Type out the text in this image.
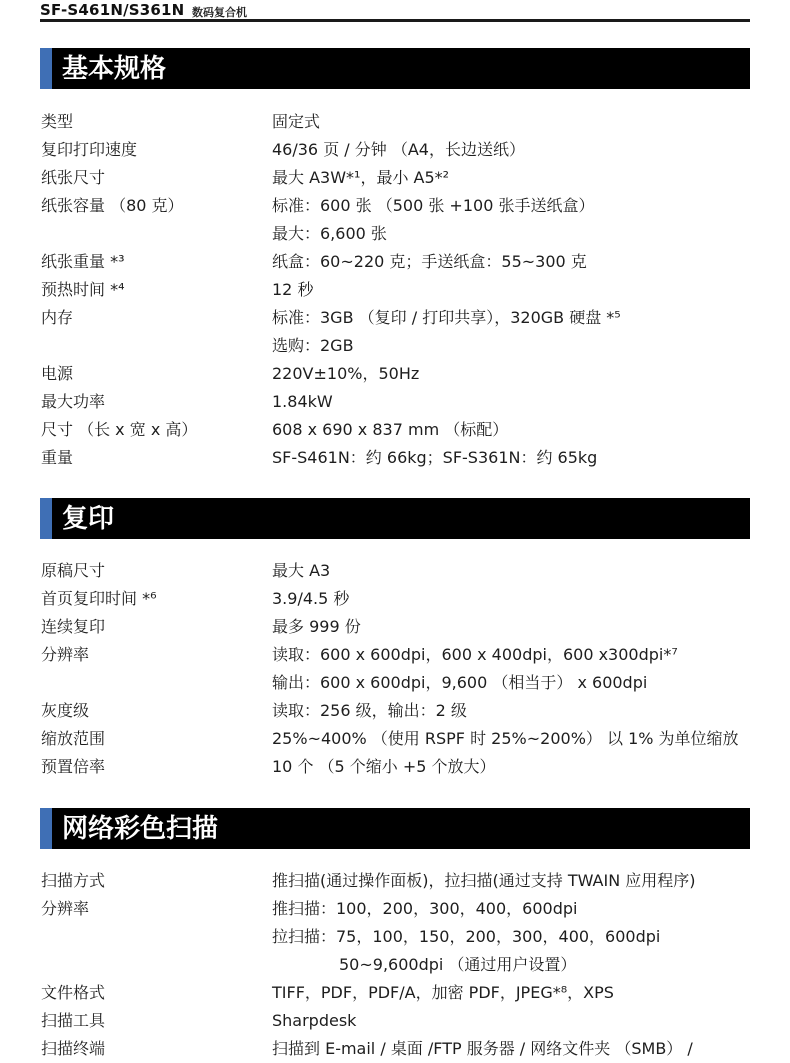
SF-S461N/S361N 数码复合机
基本规格
类型	固定式
复印打印速度	46/36 页 / 分钟 （A4，长边送纸）
纸张尺寸	最大 A3W*¹，最小 A5*²
纸张容量 （80 克）	标准：600 张 （500 张 +100 张手送纸盒）
最大：6,600 张
纸张重量 *³	纸盒：60~220 克；手送纸盒：55~300 克
预热时间 *⁴	12 秒
内存	标准：3GB （复印 / 打印共享），320GB 硬盘 *⁵
选购：2GB
电源	220V±10%，50Hz
最大功率	1.84kW
尺寸 （长 x 宽 x 高）	608 x 690 x 837 mm （标配）
重量	SF-S461N：约 66kg；SF-S361N：约 65kg
复印
原稿尺寸	最大 A3
首页复印时间 *⁶	3.9/4.5 秒
连续复印	最多 999 份
分辨率	读取：600 x 600dpi，600 x 400dpi，600 x300dpi*⁷
输出：600 x 600dpi，9,600 （相当于） x 600dpi
灰度级	读取：256 级，输出：2 级
缩放范围	25%~400% （使用 RSPF 时 25%~200%） 以 1% 为单位缩放
预置倍率	10 个 （5 个缩小 +5 个放大）
网络彩色扫描
扫描方式	推扫描(通过操作面板)，拉扫描(通过支持 TWAIN 应用程序)
分辨率	推扫描：100，200，300，400，600dpi
拉扫描：75，100，150，200，300，400，600dpi
50~9,600dpi （通过用户设置）
文件格式	TIFF，PDF，PDF/A，加密 PDF，JPEG*⁸，XPS
扫描工具	Sharpdesk
扫描终端	扫描到 E-mail / 桌面 /FTP 服务器 / 网络文件夹 （SMB） /
